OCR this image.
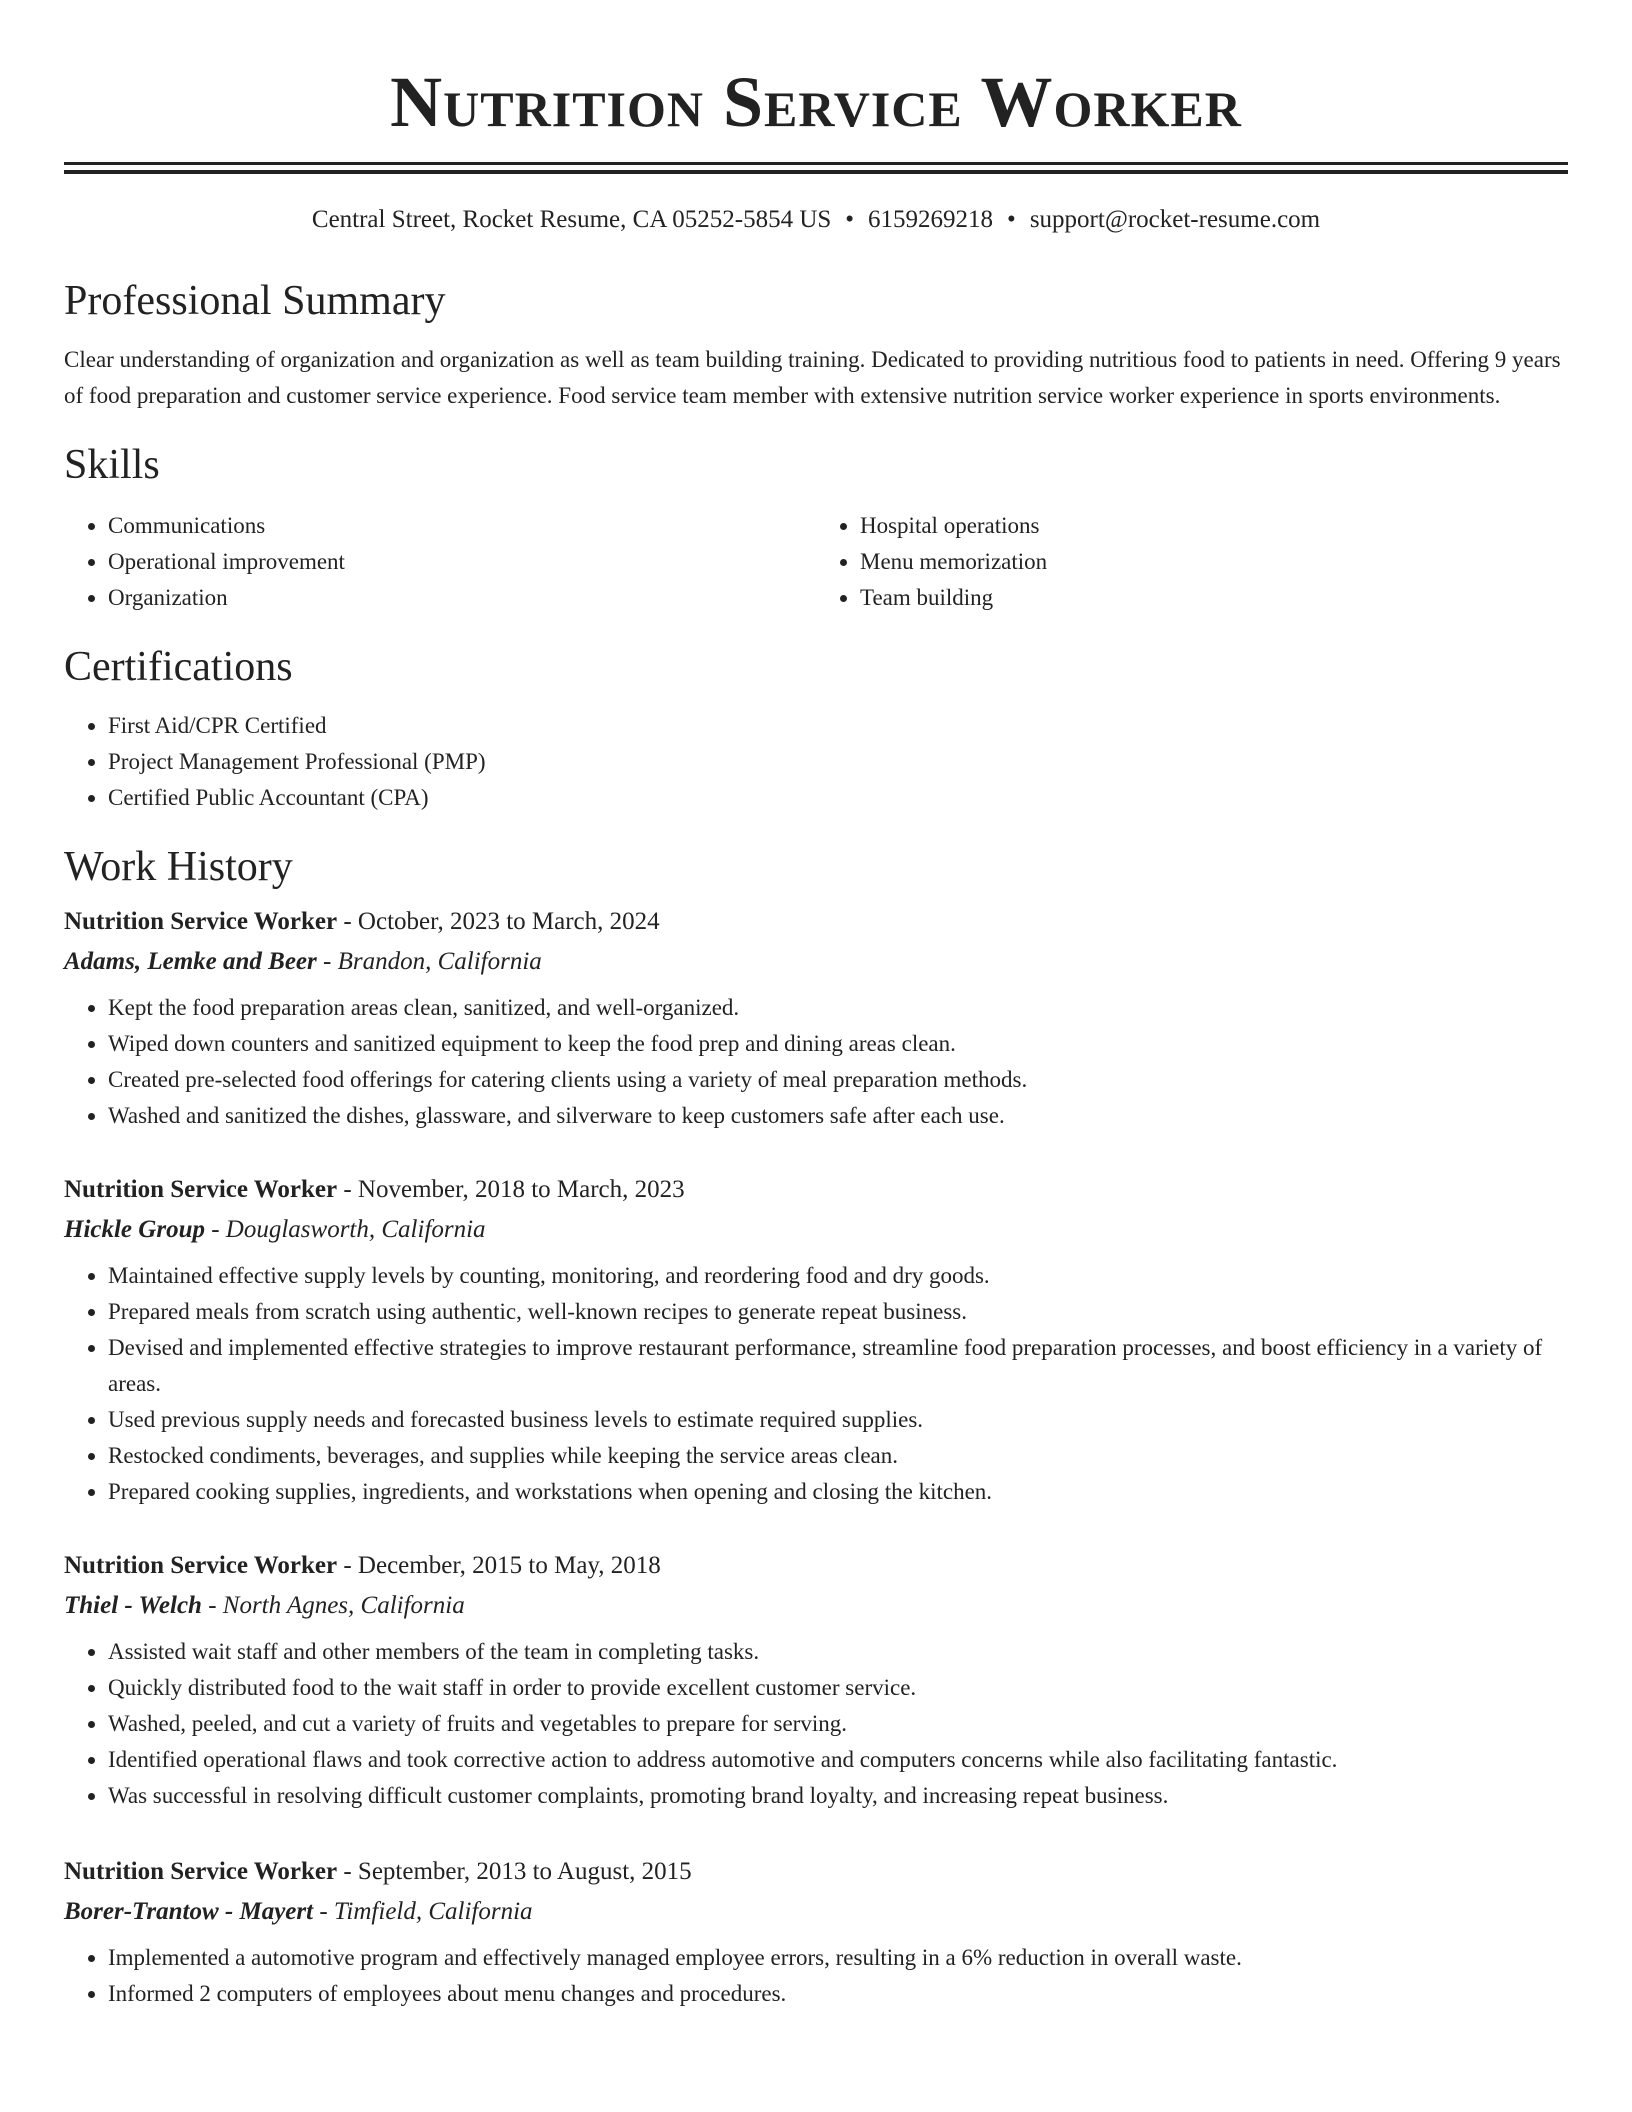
Nutrition Service Worker
Central Street, Rocket Resume, CA 05252-5854 US • 6159269218 • support@rocket-resume.com
Professional Summary

Clear understanding of organization and organization as well as team building training. Dedicated to providing nutritious food to patients in need. Offering 9 years of food preparation and customer service experience. Food service team member with extensive nutrition service worker experience in sports environments.

Skills
• Communications
• Operational improvement
• Organization
• Hospital operations
• Menu memorization
• Team building
Certifications
• First Aid/CPR Certified
• Project Management Professional (PMP)
• Certified Public Accountant (CPA)
Work History
Nutrition Service Worker - October, 2023 to March, 2024
Adams, Lemke and Beer - Brandon, California
• Kept the food preparation areas clean, sanitized, and well-organized.
• Wiped down counters and sanitized equipment to keep the food prep and dining areas clean.
• Created pre-selected food offerings for catering clients using a variety of meal preparation methods.
• Washed and sanitized the dishes, glassware, and silverware to keep customers safe after each use.
Nutrition Service Worker - November, 2018 to March, 2023
Hickle Group - Douglasworth, California
• Maintained effective supply levels by counting, monitoring, and reordering food and dry goods.
• Prepared meals from scratch using authentic, well-known recipes to generate repeat business.
• Devised and implemented effective strategies to improve restaurant performance, streamline food preparation processes, and boost efficiency in a variety of areas.
• Used previous supply needs and forecasted business levels to estimate required supplies.
• Restocked condiments, beverages, and supplies while keeping the service areas clean.
• Prepared cooking supplies, ingredients, and workstations when opening and closing the kitchen.
Nutrition Service Worker - December, 2015 to May, 2018
Thiel - Welch - North Agnes, California
• Assisted wait staff and other members of the team in completing tasks.
• Quickly distributed food to the wait staff in order to provide excellent customer service.
• Washed, peeled, and cut a variety of fruits and vegetables to prepare for serving.
• Identified operational flaws and took corrective action to address automotive and computers concerns while also facilitating fantastic.
• Was successful in resolving difficult customer complaints, promoting brand loyalty, and increasing repeat business.
Nutrition Service Worker - September, 2013 to August, 2015
Borer-Trantow - Mayert - Timfield, California
• Implemented a automotive program and effectively managed employee errors, resulting in a 6% reduction in overall waste.
• Informed 2 computers of employees about menu changes and procedures.
